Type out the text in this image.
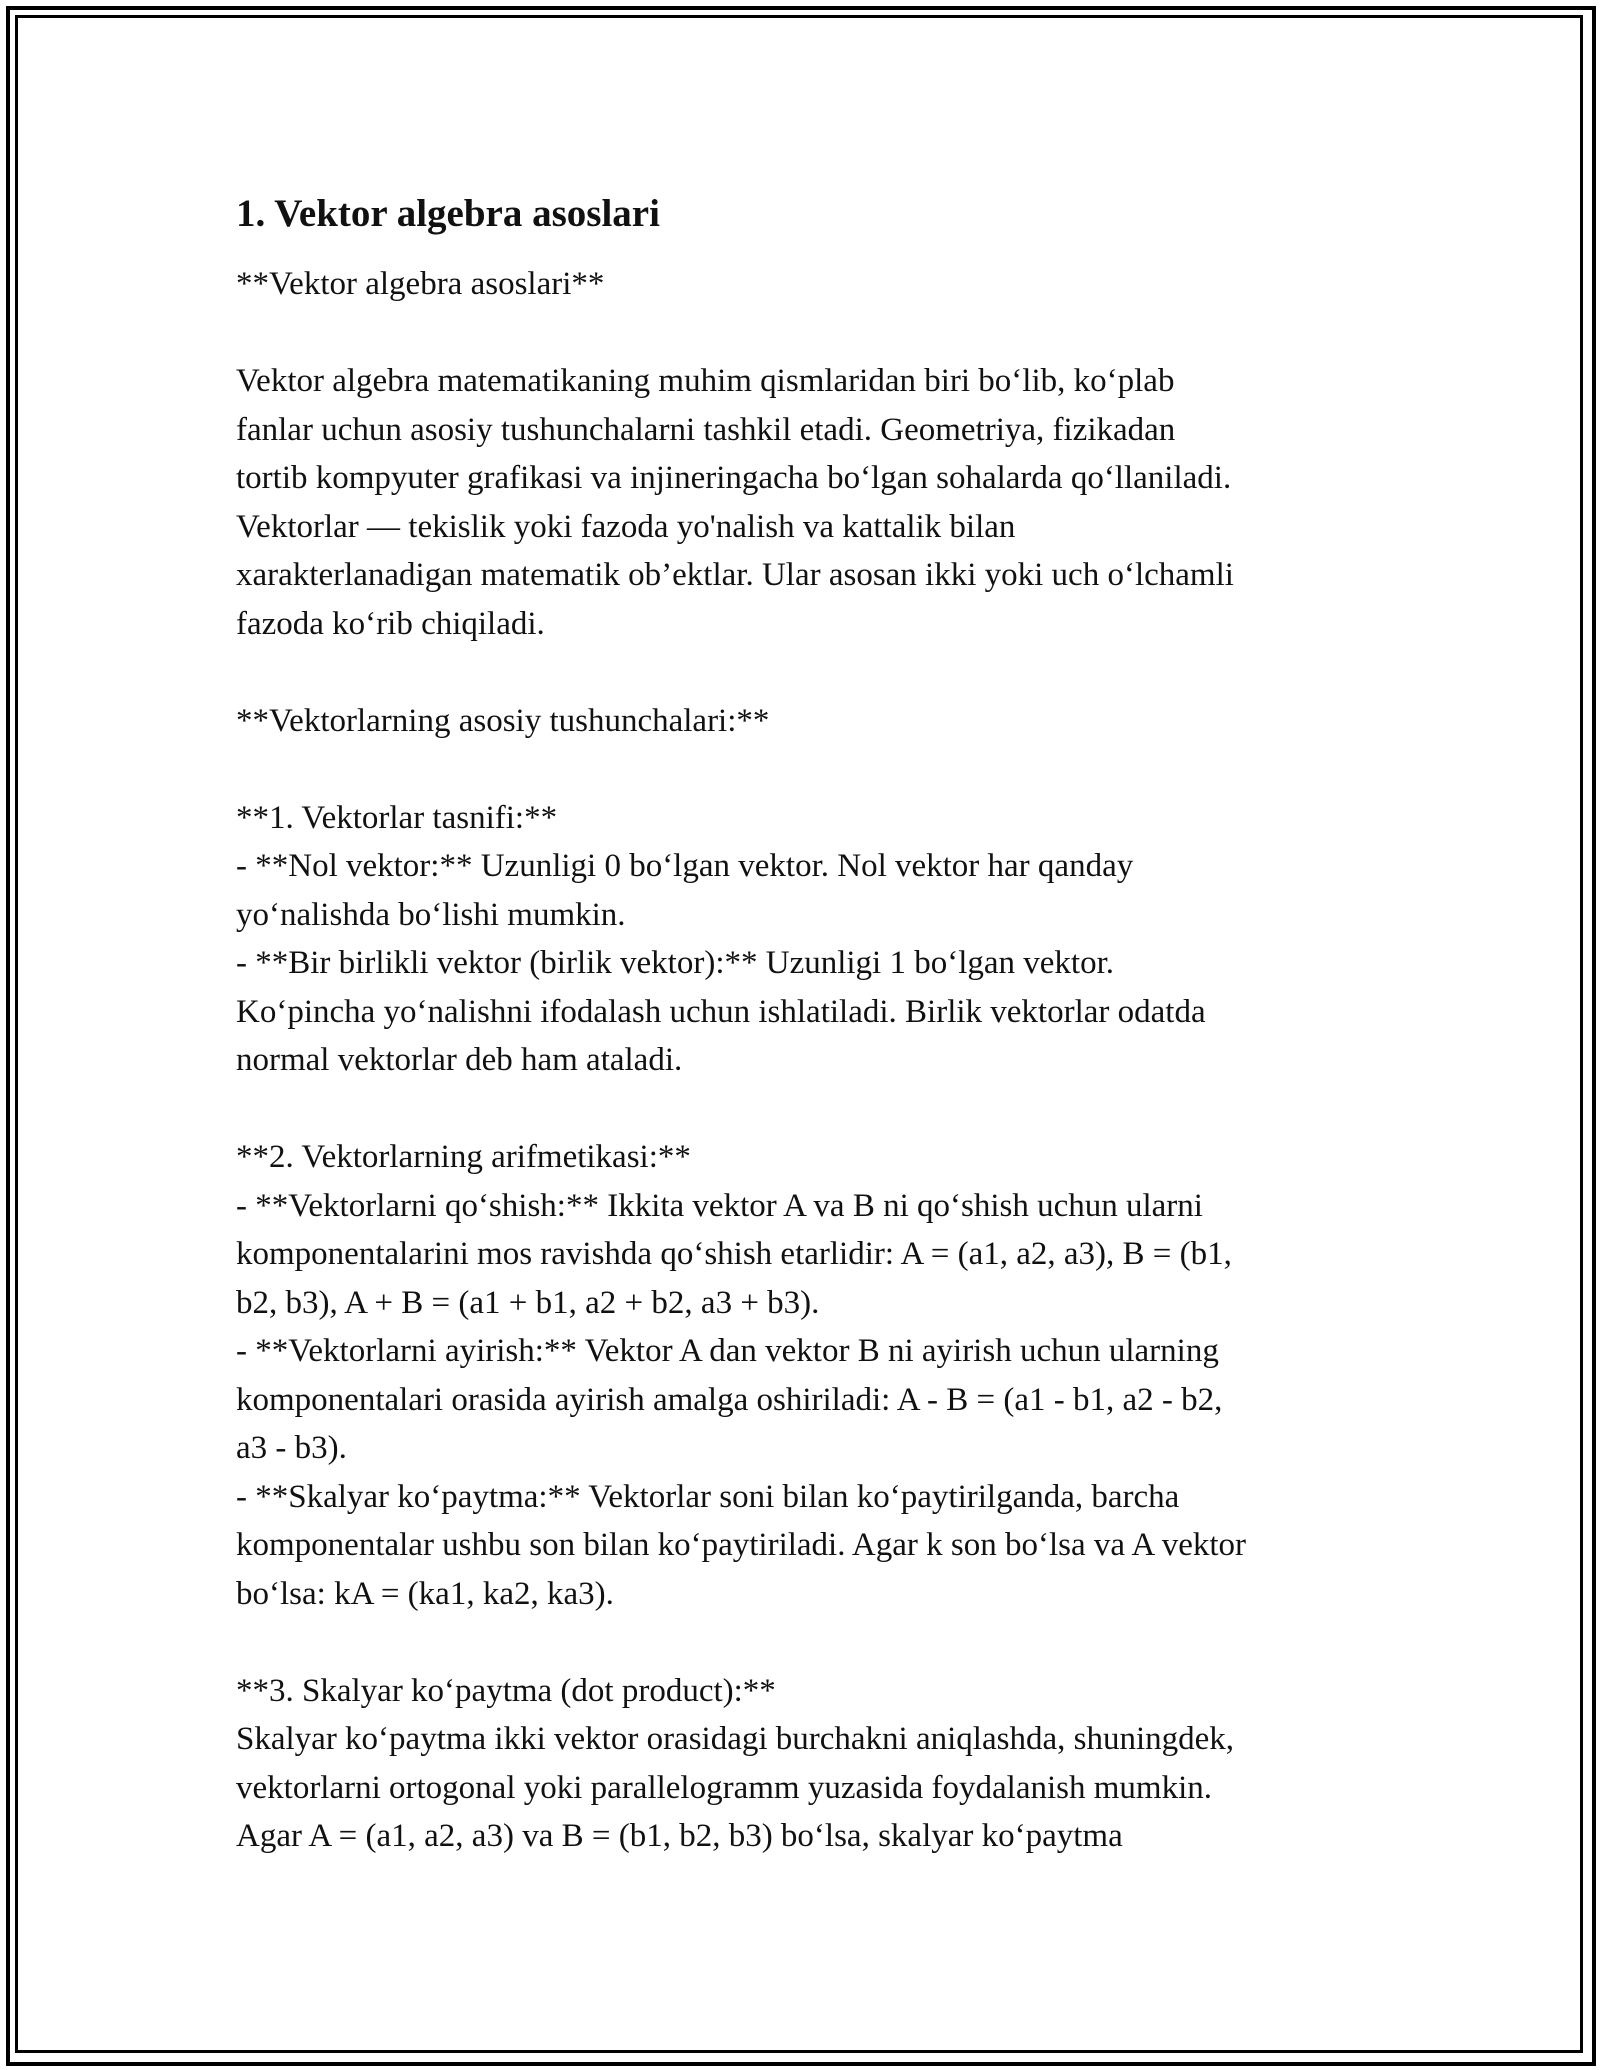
1. Vektor algebra asoslari

**Vektor algebra asoslari**

Vektor algebra matematikaning muhim qismlaridan biri bo‘lib, ko‘plab
fanlar uchun asosiy tushunchalarni tashkil etadi. Geometriya, fizikadan
tortib kompyuter grafikasi va injineringacha bo‘lgan sohalarda qo‘llaniladi.
Vektorlar — tekislik yoki fazoda yo'nalish va kattalik bilan
xarakterlanadigan matematik ob’ektlar. Ular asosan ikki yoki uch o‘lchamli
fazoda ko‘rib chiqiladi.

**Vektorlarning asosiy tushunchalari:**

**1. Vektorlar tasnifi:**
- **Nol vektor:** Uzunligi 0 bo‘lgan vektor. Nol vektor har qanday
yo‘nalishda bo‘lishi mumkin.
- **Bir birlikli vektor (birlik vektor):** Uzunligi 1 bo‘lgan vektor.
Ko‘pincha yo‘nalishni ifodalash uchun ishlatiladi. Birlik vektorlar odatda
normal vektorlar deb ham ataladi.

**2. Vektorlarning arifmetikasi:**
- **Vektorlarni qo‘shish:** Ikkita vektor A va B ni qo‘shish uchun ularni
komponentalarini mos ravishda qo‘shish etarlidir: A = (a1, a2, a3), B = (b1,
b2, b3), A + B = (a1 + b1, a2 + b2, a3 + b3).
- **Vektorlarni ayirish:** Vektor A dan vektor B ni ayirish uchun ularning
komponentalari orasida ayirish amalga oshiriladi: A - B = (a1 - b1, a2 - b2,
a3 - b3).
- **Skalyar ko‘paytma:** Vektorlar soni bilan ko‘paytirilganda, barcha
komponentalar ushbu son bilan ko‘paytiriladi. Agar k son bo‘lsa va A vektor
bo‘lsa: kA = (ka1, ka2, ka3).

**3. Skalyar ko‘paytma (dot product):**
Skalyar ko‘paytma ikki vektor orasidagi burchakni aniqlashda, shuningdek,
vektorlarni ortogonal yoki parallelogramm yuzasida foydalanish mumkin.
Agar A = (a1, a2, a3) va B = (b1, b2, b3) bo‘lsa, skalyar ko‘paytma
